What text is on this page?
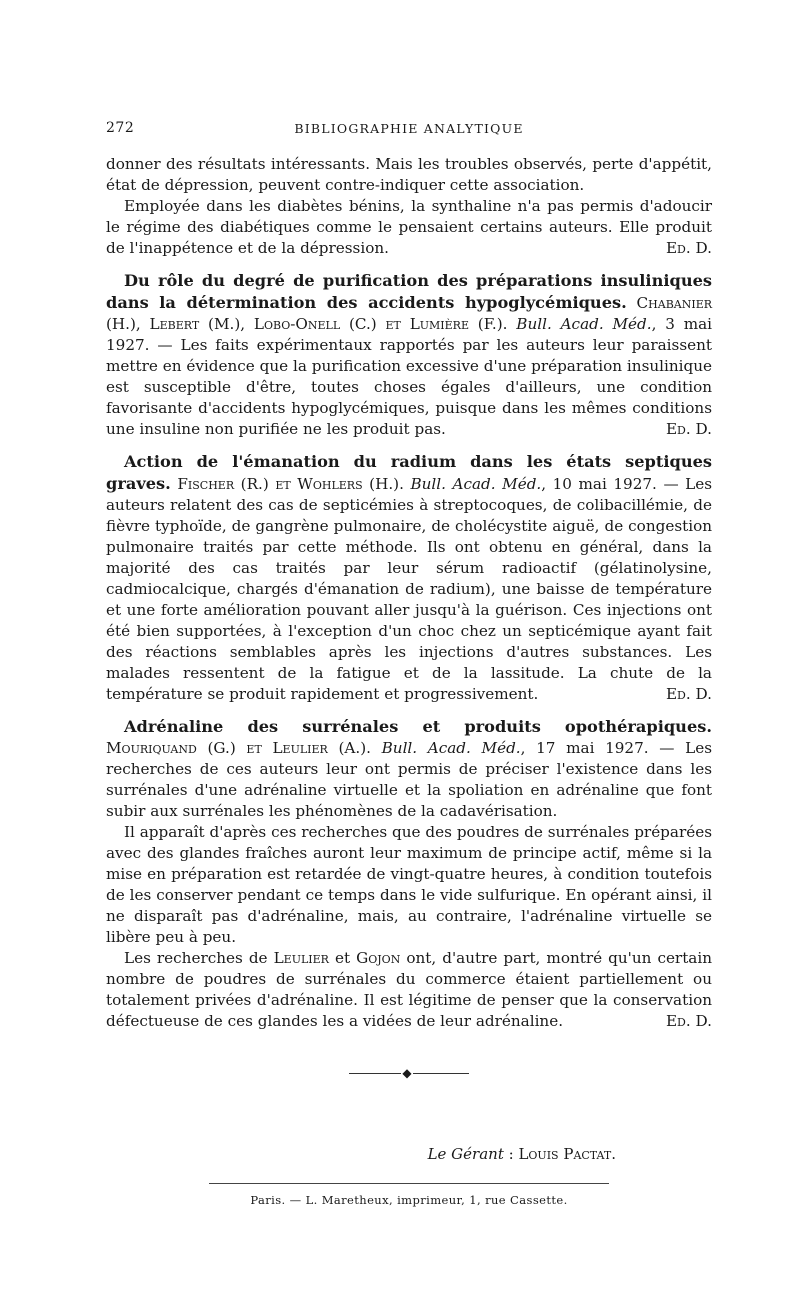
272	BIBLIOGRAPHIE ANALYTIQUE

donner des résultats intéressants. Mais les troubles observés, perte d'appétit, état de dépression, peuvent contre-indiquer cette association.

Employée dans les diabètes bénins, la synthaline n'a pas permis d'adoucir le régime des diabétiques comme le pensaient certains auteurs. Elle produit de l'inappétence et de la dépression.	Ed. D.

Du rôle du degré de purification des préparations insuliniques dans la détermination des accidents hypoglycémiques. Chabanier (H.), Lebert (M.), Lobo-Onell (C.) et Lumière (F.). Bull. Acad. Méd., 3 mai 1927. — Les faits expérimentaux rapportés par les auteurs leur paraissent mettre en évidence que la purification excessive d'une préparation insulinique est susceptible d'être, toutes choses égales d'ailleurs, une condition favorisante d'accidents hypoglycémiques, puisque dans les mêmes conditions une insuline non purifiée ne les produit pas.	Ed. D.

Action de l'émanation du radium dans les états septiques graves. Fischer (R.) et Wohlers (H.). Bull. Acad. Méd., 10 mai 1927. — Les auteurs relatent des cas de septicémies à streptocoques, de colibacillémie, de fièvre typhoïde, de gangrène pulmonaire, de cholécystite aiguë, de congestion pulmonaire traités par cette méthode. Ils ont obtenu en général, dans la majorité des cas traités par leur sérum radioactif (gélatinolysine, cadmiocalcique, chargés d'émanation de radium), une baisse de température et une forte amélioration pouvant aller jusqu'à la guérison. Ces injections ont été bien supportées, à l'exception d'un choc chez un septicémique ayant fait des réactions semblables après les injections d'autres substances. Les malades ressentent de la fatigue et de la lassitude. La chute de la température se produit rapidement et progressivement.	Ed. D.

Adrénaline des surrénales et produits opothérapiques. Mouriquand (G.) et Leulier (A.). Bull. Acad. Méd., 17 mai 1927. — Les recherches de ces auteurs leur ont permis de préciser l'existence dans les surrénales d'une adrénaline virtuelle et la spoliation en adrénaline que font subir aux surrénales les phénomènes de la cadavérisation.

Il apparaît d'après ces recherches que des poudres de surrénales préparées avec des glandes fraîches auront leur maximum de principe actif, même si la mise en préparation est retardée de vingt-quatre heures, à condition toutefois de les conserver pendant ce temps dans le vide sulfurique. En opérant ainsi, il ne disparaît pas d'adrénaline, mais, au contraire, l'adrénaline virtuelle se libère peu à peu.

Les recherches de Leulier et Gojon ont, d'autre part, montré qu'un certain nombre de poudres de surrénales du commerce étaient partiellement ou totalement privées d'adrénaline. Il est légitime de penser que la conservation défectueuse de ces glandes les a vidées de leur adrénaline.	Ed. D.

◆
Le Gérant : Louis Pactat.
Paris. — L. Maretheux, imprimeur, 1, rue Cassette.
